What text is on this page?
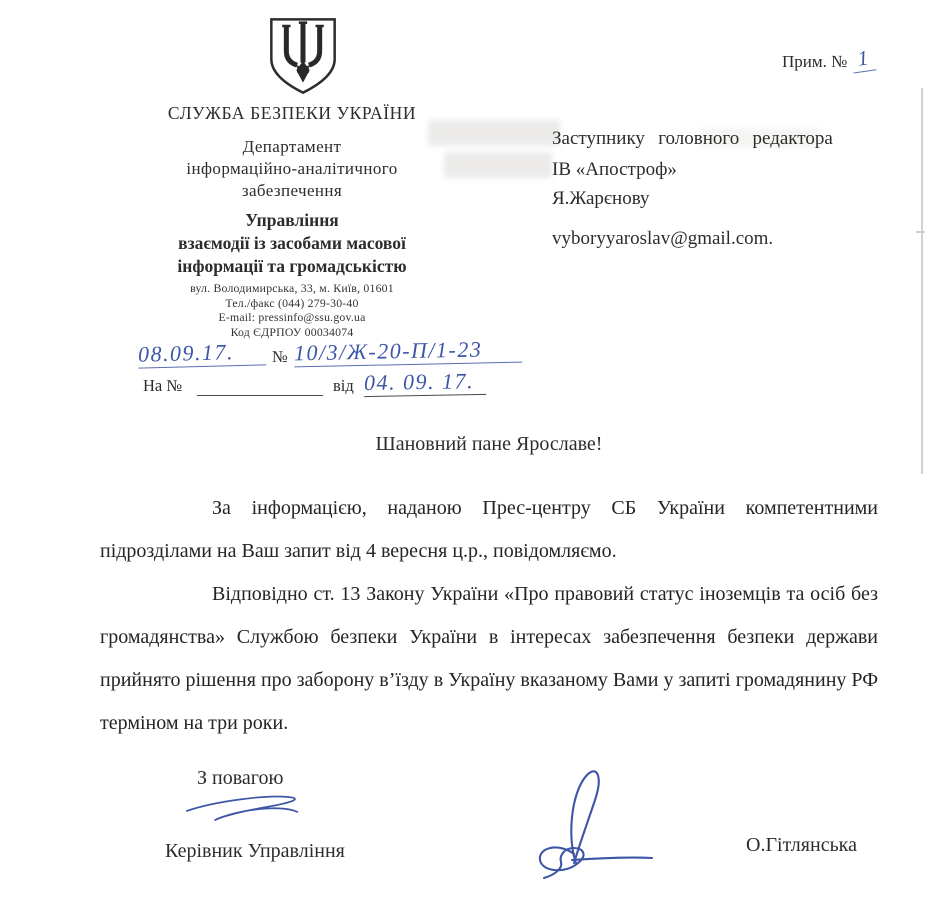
СЛУЖБА БЕЗПЕКИ УКРАЇНИ
Департамент
інформаційно-аналітичного
забезпечення
Управління
взаємодії із засобами масової
інформації та громадськістю
вул. Володимирська, 33, м. Київ, 01601
Тел./факс (044) 279-30-40
E-mail: pressinfo@ssu.gov.ua
Код ЄДРПОУ 00034074
08.09.17.	№ 10/3/Ж-20-П/1-23
На №	від 04. 09. 17.
Прим. № 1
Заступнику головного редактора
ІВ «Апостроф»
Я.Жарєнову
vyboryyaroslav@gmail.com.
Шановний пане Ярославе!
За інформацією, наданою Прес-центру СБ України компетентними підрозділами на Ваш запит від 4 вересня ц.р., повідомляємо.
Відповідно ст. 13 Закону України «Про правовий статус іноземців та осіб без громадянства» Службою безпеки України в інтересах забезпечення безпеки держави прийнято рішення про заборону в’їзду в Україну вказаному Вами у запиті громадянину РФ терміном на три роки.
З повагою
Керівник Управління	О.Гітлянська
